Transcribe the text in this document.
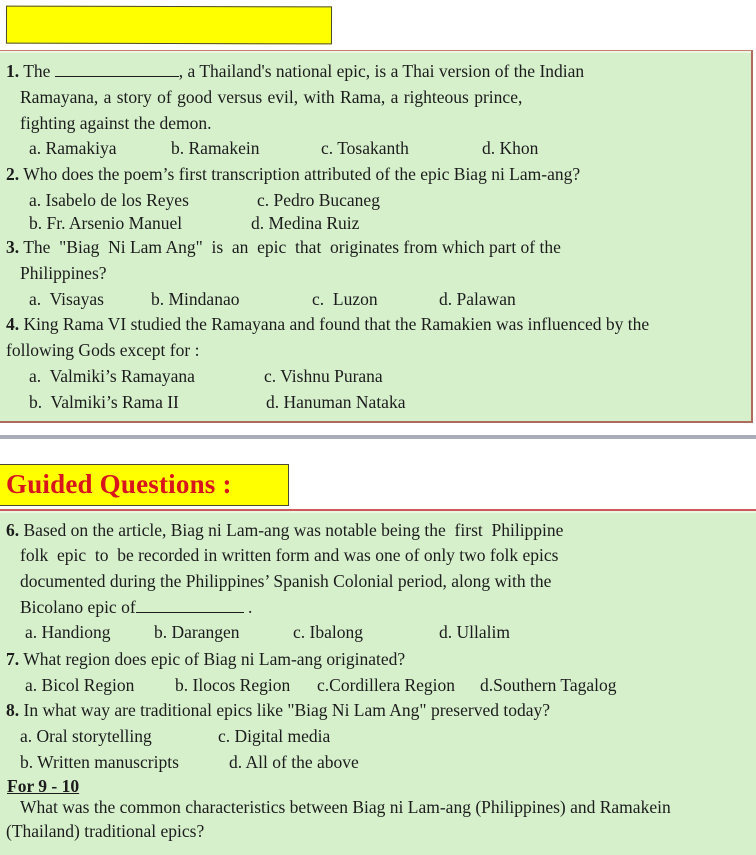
1. The	, a Thailand's national epic, is a Thai version of the Indian
Ramayana, a story of good versus evil, with Rama, a righteous prince,
fighting against the demon.
a. Ramakiya	b. Ramakein	c. Tosakanth	d. Khon
2. Who does the poem’s first transcription attributed of the epic Biag ni Lam-ang?
a. Isabelo de los Reyes	c. Pedro Bucaneg
b. Fr. Arsenio Manuel	d. Medina Ruiz
3. The  "Biag  Ni Lam Ang"  is  an  epic  that  originates from which part of the
Philippines?
a.  Visayas	b. Mindanao	c.  Luzon	d. Palawan
4. King Rama VI studied the Ramayana and found that the Ramakien was influenced by the
following Gods except for :
a.  Valmiki’s Ramayana	c. Vishnu Purana
b.  Valmiki’s Rama II	d. Hanuman Nataka
Guided Questions :
6. Based on the article, Biag ni Lam-ang was notable being the  first  Philippine
folk  epic  to  be recorded in written form and was one of only two folk epics
documented during the Philippines’ Spanish Colonial period, along with the
Bicolano epic of	.
a. Handiong b. Darangen	c. Ibalong	d. Ullalim
7. What region does epic of Biag ni Lam-ang originated?
a. Bicol Region b. Ilocos Region c.Cordillera Region d.Southern Tagalog
8. In what way are traditional epics like "Biag Ni Lam Ang" preserved today?
a. Oral storytelling	c. Digital media
b. Written manuscripts	d. All of the above
For 9 - 10
What was the common characteristics between Biag ni Lam-ang (Philippines) and Ramakein
(Thailand) traditional epics?
